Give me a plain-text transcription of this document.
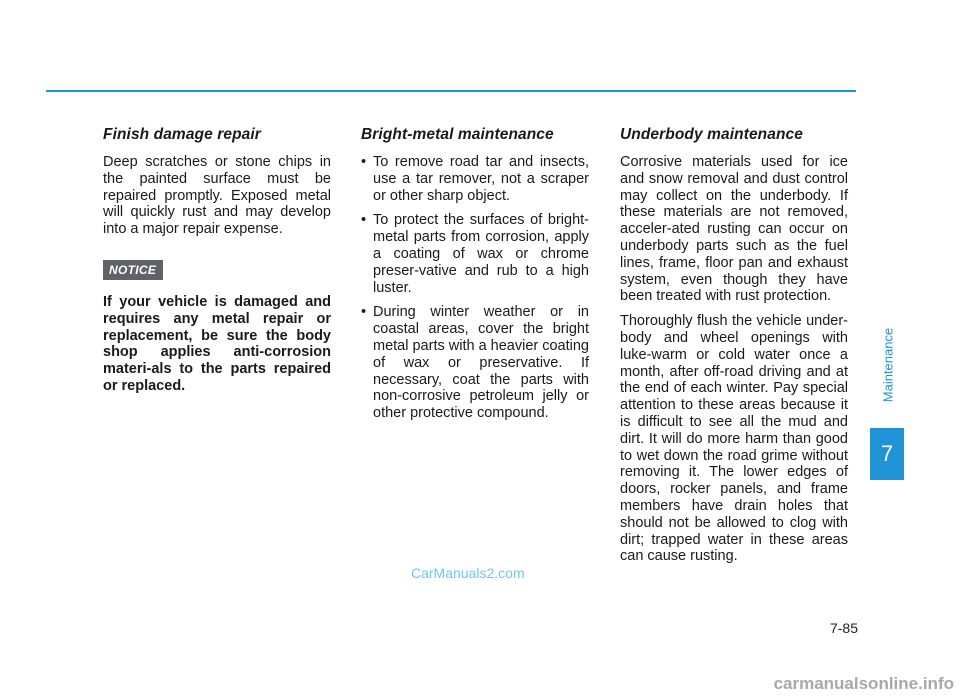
Finish damage repair

Deep scratches or stone chips in the painted surface must be repaired promptly. Exposed metal will quickly rust and may develop into a major repair expense.

NOTICE

If your vehicle is damaged and requires any metal repair or replacement, be sure the body shop applies anti-corrosion materi-als to the parts repaired or replaced.

Bright-metal maintenance
• To remove road tar and insects, use a tar remover, not a scraper or other sharp object.
• To protect the surfaces of bright-metal parts from corrosion, apply a coating of wax or chrome preser-vative and rub to a high luster.
• During winter weather or in coastal areas, cover the bright metal parts with a heavier coating of wax or preservative. If necessary, coat the parts with non-corrosive petroleum jelly or other protective compound.
Underbody maintenance

Corrosive materials used for ice and snow removal and dust control may collect on the underbody. If these materials are not removed, acceler-ated rusting can occur on underbody parts such as the fuel lines, frame, floor pan and exhaust system, even though they have been treated with rust protection.

Thoroughly flush the vehicle under-body and wheel openings with luke-warm or cold water once a month, after off-road driving and at the end of each winter. Pay special attention to these areas because it is difficult to see all the mud and dirt. It will do more harm than good to wet down the road grime without removing it. The lower edges of doors, rocker panels, and frame members have drain holes that should not be allowed to clog with dirt; trapped water in these areas can cause rusting.

Maintenance
7
CarManuals2.com
7-85
carmanualsonline.info
